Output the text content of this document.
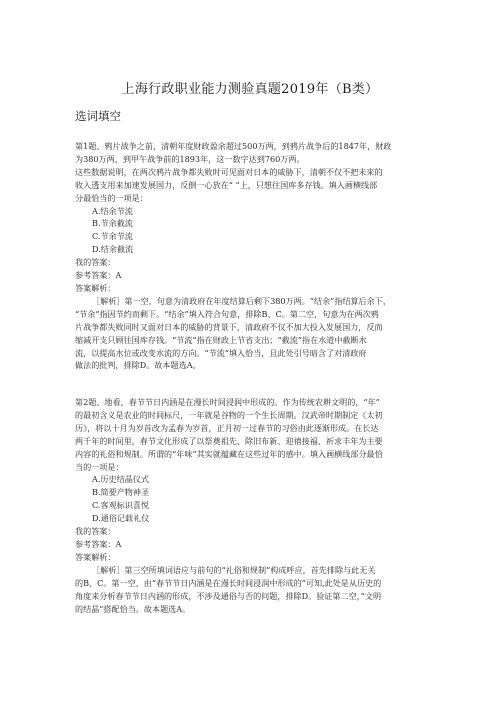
上海行政职业能力测验真题2019年（B类）
选词填空

第1题、鸦片战争之前，清朝年度财政盈余超过500万两，到鸦片战争后的1847年，财政

为380万两，到甲午战争前的1893年，这一数字达到760万两。

这些数据说明，在两次鸦片战争都失败时可见面对日本的威胁下，清朝不仅不把未来的

收入透支用来加速发展国力，反倒一心放在“ ”上，只想往国库多存钱。填入画横线部

分最恰当的一项是：

A.结余节流

B.节余截流

C.节余节流

D.结余截流

我的答案：

参考答案：A

答案解析：

［解析］第一空，句意为清政府在年度结算后剩下380万两。“结余”指结算后余下，

“节余”指因节约而剩下。“结余”填入符合句意，排除B、C。第二空，句意为在两次鸦

片战争都失败同时又面对日本的威胁的背景下，清政府不仅不加大投入发展国力，反而

缩减开支只顾往国库存钱。“节流”指在财政上节省支出；“截流”指在水道中截断水

流，以提高水位或改变水流的方向。“节流”填入恰当，且此处引号暗含了对清政府

做法的批判，排除D。故本题选A。

第2题、地看，春节节日内涵是在漫长时间浸润中形成的。作为传统农耕文明的，“年”

的最初含义是农业的时间标尺，一年就是谷物的一个生长周期。汉武帝时期制定《太初

历》，将以十月为岁首改为孟春为岁首，正月初一过春节的习俗由此逐渐形成。在长达

两千年的时间里，春节文化形成了以祭奠祖先、除旧布新、迎禧接福、祈求丰年为主要

内容的礼俗和规制。所谓的“年味”其实就蕴藏在这些过年的感中。填入画横线部分最恰

当的一项是：

A.历史结晶仪式

B.简要产物神圣

C.客观标识喜悦

D.通俗记载礼仪

我的答案：

参考答案：A

答案解析：

［解析］第三空所填词语应与前句的“礼俗和规制”构成呼应，首先排除与此无关

的B、C。第一空，由“春节节日内涵是在漫长时间浸润中形成的”可知,此处是从历史的

角度来分析春节节日内涵的形成，不涉及通俗与否的问题，排除D。验证第二空，”文明

的结晶”搭配恰当。故本题选A。
